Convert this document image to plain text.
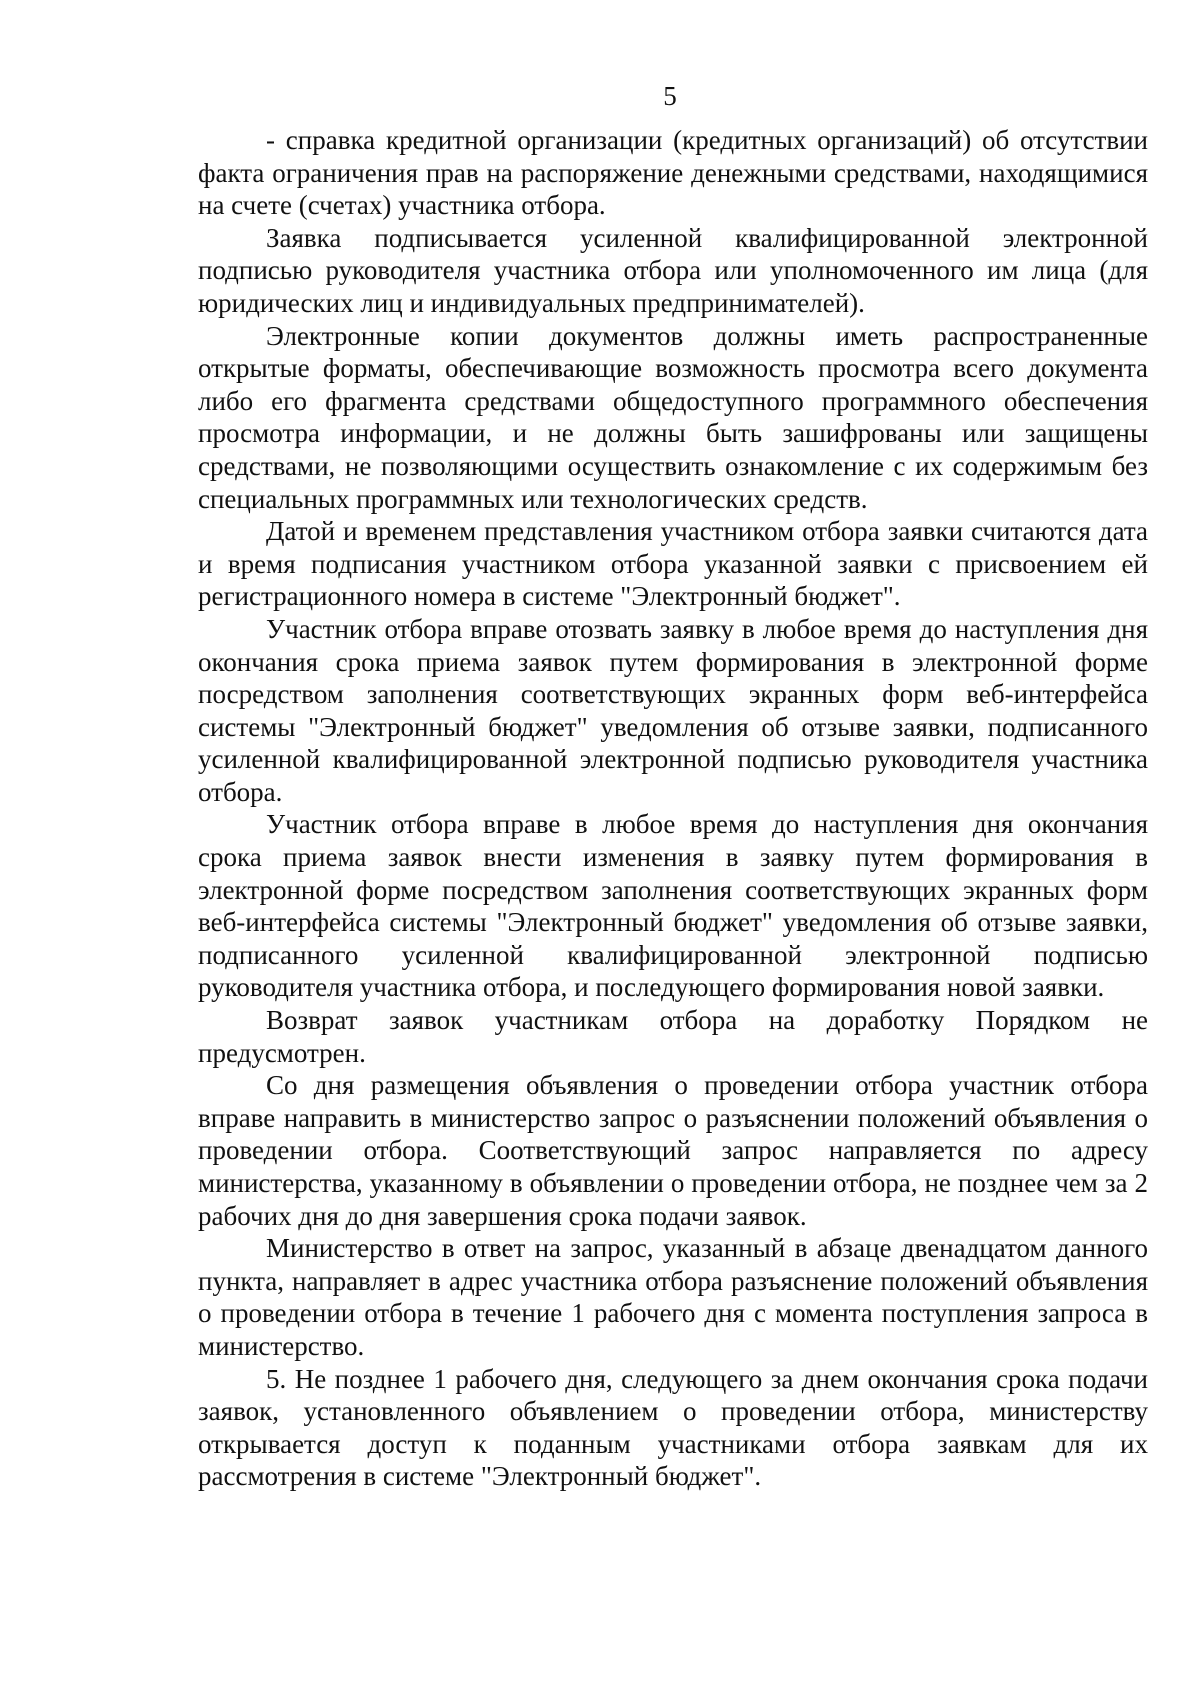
5

- справка кредитной организации (кредитных организаций) об отсутствии факта ограничения прав на распоряжение денежными средствами, находящимися на счете (счетах) участника отбора.

Заявка подписывается усиленной квалифицированной электронной подписью руководителя участника отбора или уполномоченного им лица (для юридических лиц и индивидуальных предпринимателей).

Электронные копии документов должны иметь распространенные открытые форматы, обеспечивающие возможность просмотра всего документа либо его фрагмента средствами общедоступного программного обеспечения просмотра информации, и не должны быть зашифрованы или защищены средствами, не позволяющими осуществить ознакомление с их содержимым без специальных программных или технологических средств.

Датой и временем представления участником отбора заявки считаются дата и время подписания участником отбора указанной заявки с присвоением ей регистрационного номера в системе "Электронный бюджет".

Участник отбора вправе отозвать заявку в любое время до наступления дня окончания срока приема заявок путем формирования в электронной форме посредством заполнения соответствующих экранных форм веб-интерфейса системы "Электронный бюджет" уведомления об отзыве заявки, подписанного усиленной квалифицированной электронной подписью руководителя участника отбора.

Участник отбора вправе в любое время до наступления дня окончания срока приема заявок внести изменения в заявку путем формирования в электронной форме посредством заполнения соответствующих экранных форм веб-интерфейса системы "Электронный бюджет" уведомления об отзыве заявки, подписанного усиленной квалифицированной электронной подписью руководителя участника отбора, и последующего формирования новой заявки.

Возврат заявок участникам отбора на доработку Порядком не предусмотрен.

Со дня размещения объявления о проведении отбора участник отбора вправе направить в министерство запрос о разъяснении положений объявления о проведении отбора. Соответствующий запрос направляется по адресу министерства, указанному в объявлении о проведении отбора, не позднее чем за 2 рабочих дня до дня завершения срока подачи заявок.

Министерство в ответ на запрос, указанный в абзаце двенадцатом данного пункта, направляет в адрес участника отбора разъяснение положений объявления о проведении отбора в течение 1 рабочего дня с момента поступления запроса в министерство.

5. Не позднее 1 рабочего дня, следующего за днем окончания срока подачи заявок, установленного объявлением о проведении отбора, министерству открывается доступ к поданным участниками отбора заявкам для их рассмотрения в системе "Электронный бюджет".
